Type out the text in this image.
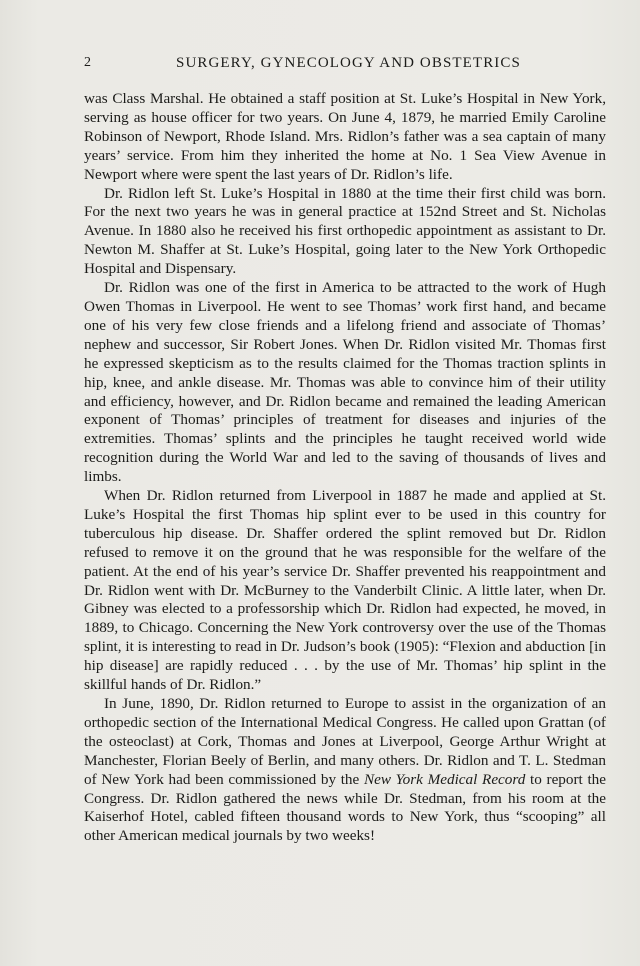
2	SURGERY, GYNECOLOGY AND OBSTETRICS

was Class Marshal. He obtained a staff position at St. Luke’s Hospital in New York, serving as house officer for two years. On June 4, 1879, he married Emily Caroline Robinson of Newport, Rhode Island. Mrs. Ridlon’s father was a sea captain of many years’ service. From him they inherited the home at No. 1 Sea View Avenue in Newport where were spent the last years of Dr. Ridlon’s life.

Dr. Ridlon left St. Luke’s Hospital in 1880 at the time their first child was born. For the next two years he was in general practice at 152nd Street and St. Nicholas Avenue. In 1880 also he received his first orthopedic appointment as assistant to Dr. Newton M. Shaffer at St. Luke’s Hospital, going later to the New York Orthopedic Hospital and Dispensary.

Dr. Ridlon was one of the first in America to be attracted to the work of Hugh Owen Thomas in Liverpool. He went to see Thomas’ work first hand, and became one of his very few close friends and a lifelong friend and associate of Thomas’ nephew and successor, Sir Robert Jones. When Dr. Ridlon visited Mr. Thomas first he expressed skepticism as to the results claimed for the Thomas traction splints in hip, knee, and ankle disease. Mr. Thomas was able to convince him of their utility and efficiency, however, and Dr. Ridlon became and remained the leading American exponent of Thomas’ principles of treatment for diseases and injuries of the extremities. Thomas’ splints and the principles he taught received world wide recognition during the World War and led to the saving of thousands of lives and limbs.

When Dr. Ridlon returned from Liverpool in 1887 he made and applied at St. Luke’s Hospital the first Thomas hip splint ever to be used in this country for tuberculous hip disease. Dr. Shaffer ordered the splint removed but Dr. Ridlon refused to remove it on the ground that he was responsible for the welfare of the patient. At the end of his year’s service Dr. Shaffer prevented his reappointment and Dr. Ridlon went with Dr. McBurney to the Vanderbilt Clinic. A little later, when Dr. Gibney was elected to a professorship which Dr. Ridlon had expected, he moved, in 1889, to Chicago. Concerning the New York controversy over the use of the Thomas splint, it is interesting to read in Dr. Judson’s book (1905): “Flexion and abduction [in hip disease] are rapidly reduced . . . by the use of Mr. Thomas’ hip splint in the skillful hands of Dr. Ridlon.”

In June, 1890, Dr. Ridlon returned to Europe to assist in the organization of an orthopedic section of the International Medical Congress. He called upon Grattan (of the osteoclast) at Cork, Thomas and Jones at Liverpool, George Arthur Wright at Manchester, Florian Beely of Berlin, and many others. Dr. Ridlon and T. L. Stedman of New York had been commissioned by the New York Medical Record to report the Congress. Dr. Ridlon gathered the news while Dr. Stedman, from his room at the Kaiserhof Hotel, cabled fifteen thousand words to New York, thus “scooping” all other American medical journals by two weeks!
